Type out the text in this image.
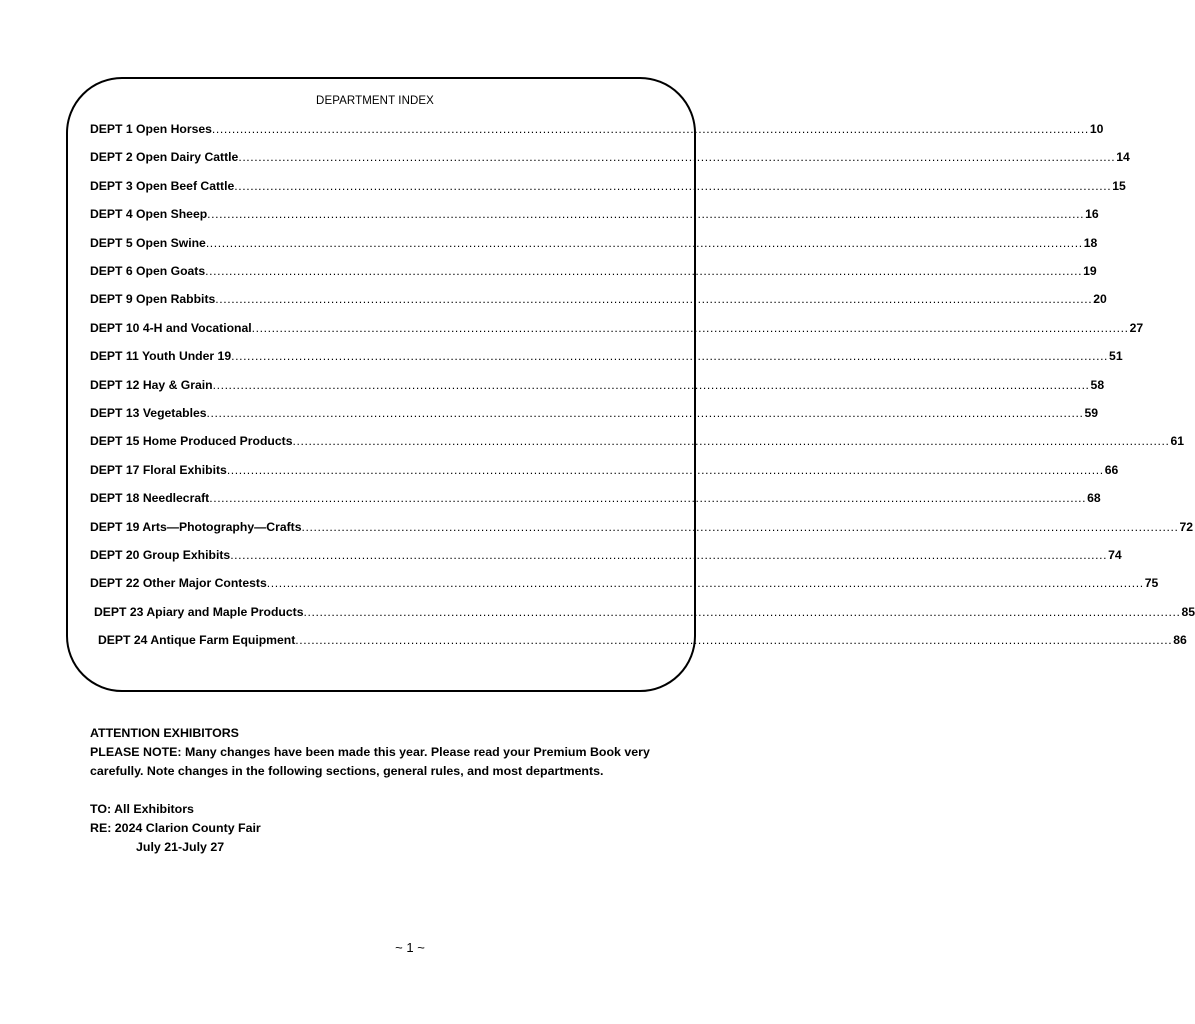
DEPARTMENT INDEX
DEPT 1 Open Horses ............................................................................................................................................................................................................................ 10
DEPT 2 Open Dairy Cattle ............................................................................................................................................................................................................................ 14
DEPT 3 Open Beef Cattle ............................................................................................................................................................................................................................ 15
DEPT 4 Open Sheep ............................................................................................................................................................................................................................ 16
DEPT 5 Open Swine ............................................................................................................................................................................................................................ 18
DEPT 6 Open Goats ............................................................................................................................................................................................................................ 19
DEPT 9 Open Rabbits ............................................................................................................................................................................................................................ 20
DEPT 10 4-H and Vocational ............................................................................................................................................................................................................................ 27
DEPT 11 Youth Under 19 ............................................................................................................................................................................................................................ 51
DEPT 12 Hay & Grain ............................................................................................................................................................................................................................ 58
DEPT 13 Vegetables ............................................................................................................................................................................................................................ 59
DEPT 15 Home Produced Products ............................................................................................................................................................................................................................ 61
DEPT 17 Floral Exhibits ............................................................................................................................................................................................................................ 66
DEPT 18 Needlecraft ............................................................................................................................................................................................................................ 68
DEPT 19 Arts—Photography—Crafts ............................................................................................................................................................................................................................ 72
DEPT 20 Group Exhibits ............................................................................................................................................................................................................................ 74
DEPT 22 Other Major Contests ............................................................................................................................................................................................................................ 75
DEPT 23 Apiary and Maple Products ............................................................................................................................................................................................................................ 85
DEPT 24 Antique Farm Equipment ............................................................................................................................................................................................................................ 86

ATTENTION EXHIBITORS

PLEASE NOTE: Many changes have been made this year. Please read your Premium Book very carefully. Note changes in the following sections, general rules, and most departments.

TO: All Exhibitors
RE: 2024 Clarion County Fair
July 21-July 27
~ 1 ~
